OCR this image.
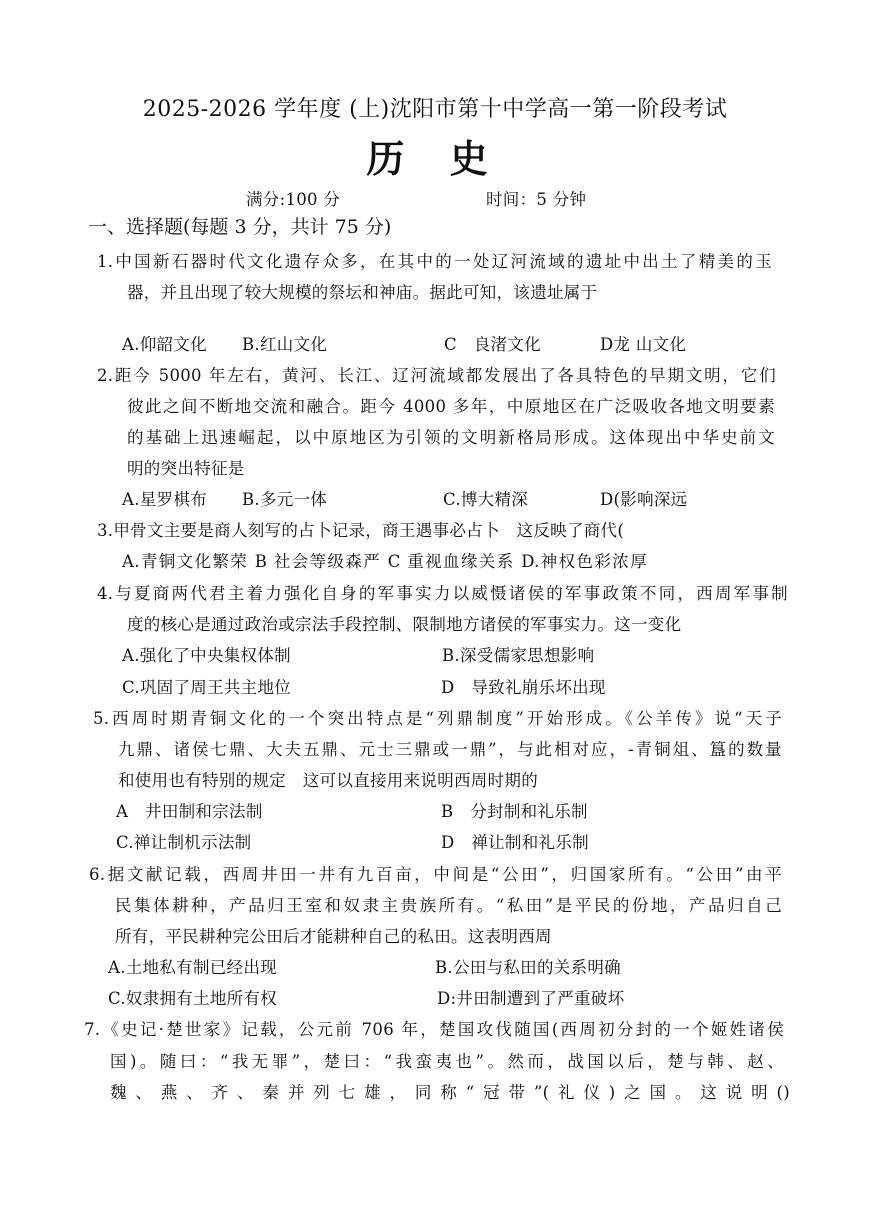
2025-2026 学年度 (上)沈阳市第十中学高一第一阶段考试
历 史
满分:100 分	时间：5 分钟
一、选择题(每题 3 分，共计 75 分)
1.中国新石器时代文化遗存众多，在其中的一处辽河流域的遗址中出土了精美的玉
器，并且出现了较大规模的祭坛和神庙。据此可知，该遗址属于
A.仰韶文化 B.红山文化	C　良渚文化	D龙 山文化
2.距今 5000 年左右，黄河、长江、辽河流域都发展出了各具特色的早期文明，它们
彼此之间不断地交流和融合。距今 4000 多年，中原地区在广泛吸收各地文明要素
的基础上迅速崛起，以中原地区为引领的文明新格局形成。这体现出中华史前文
明的突出特征是
A.星罗棋布 B.多元一体	C.博大精深	D(影响深远
3.甲骨文主要是商人刻写的占卜记录，商王遇事必占卜　这反映了商代(
A.青铜文化繁荣 B 社会等级森严 C 重视血缘关系 D.神权色彩浓厚
4.与夏商两代君主着力强化自身的军事实力以威慑诸侯的军事政策不同，西周军事制
度的核心是通过政治或宗法手段控制、限制地方诸侯的军事实力。这一变化
A.强化了中央集权体制	B.深受儒家思想影响
C.巩固了周王共主地位	D　导致礼崩乐坏出现
5.西周时期青铜文化的一个突出特点是“列鼎制度”开始形成。《公羊传》说“天子
九鼎、诸侯七鼎、大夫五鼎、元士三鼎或一鼎”，与此相对应，-青铜俎、簋的数量
和使用也有特别的规定　这可以直接用来说明西周时期的
A　井田制和宗法制	B　分封制和礼乐制
C.禅让制机示法制	D　禅让制和礼乐制
6.据文献记载，西周井田一井有九百亩，中间是“公田”，归国家所有。“公田”由平
民集体耕种，产品归王室和奴隶主贵族所有。“私田”是平民的份地，产品归自己
所有，平民耕种完公田后才能耕种自己的私田。这表明西周
A.土地私有制已经出现	B.公田与私田的关系明确
C.奴隶拥有土地所有权	D:井田制遭到了严重破坏
7.《史记·楚世家》记载，公元前 706 年，楚国攻伐随国(西周初分封的一个姬姓诸侯
国)。随曰：“我无罪”，楚曰：“我蛮夷也”。然而，战国以后，楚与韩、赵、
魏、燕、齐、秦并列七雄，同称“冠带”(礼仪)之国。这说明()
